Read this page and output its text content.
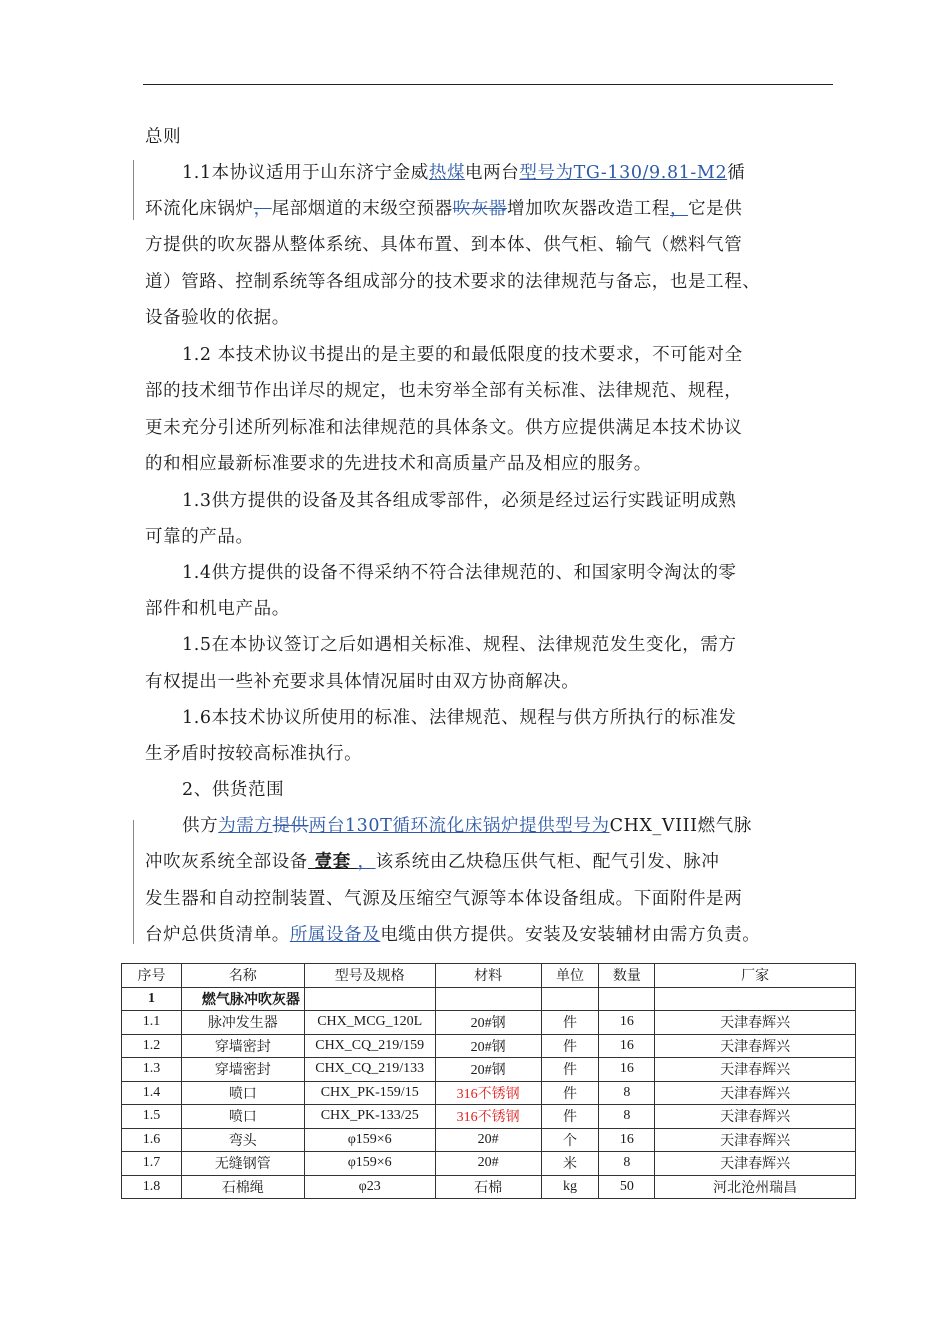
总则
1.1本协议适用于山东济宁金威热煤电两台型号为TG-130/9.81-M2循
环流化床锅炉，尾部烟道的末级空预器吹灰器增加吹灰器改造工程，它是供
方提供的吹灰器从整体系统、具体布置、到本体、供气柜、输气（燃料气管
道）管路、控制系统等各组成部分的技术要求的法律规范与备忘，也是工程、
设备验收的依据。
1.2 本技术协议书提出的是主要的和最低限度的技术要求，不可能对全
部的技术细节作出详尽的规定，也未穷举全部有关标准、法律规范、规程，
更未充分引述所列标准和法律规范的具体条文。供方应提供满足本技术协议
的和相应最新标准要求的先进技术和高质量产品及相应的服务。
1.3供方提供的设备及其各组成零部件，必须是经过运行实践证明成熟
可靠的产品。
1.4供方提供的设备不得采纳不符合法律规范的、和国家明令淘汰的零
部件和机电产品。
1.5在本协议签订之后如遇相关标准、规程、法律规范发生变化，需方
有权提出一些补充要求具体情况届时由双方协商解决。
1.6本技术协议所使用的标准、法律规范、规程与供方所执行的标准发
生矛盾时按较高标准执行。
2、供货范围
供方为需方提供两台130T循环流化床锅炉提供型号为CHX_VIII燃气脉
冲吹灰系统全部设备 壹套 ，该系统由乙炔稳压供气柜、配气引发、脉冲
发生器和自动控制装置、气源及压缩空气源等本体设备组成。下面附件是两
台炉总供货清单。所属设备及电缆由供方提供。安装及安装辅材由需方负责。
序号	名称	型号及规格	材料	单位	数量	厂家
1	燃气脉冲吹灰器					
1.1	脉冲发生器	CHX_MCG_120L	20#钢	件	16	天津春辉兴
1.2	穿墙密封	CHX_CQ_219/159	20#钢	件	16	天津春辉兴
1.3	穿墙密封	CHX_CQ_219/133	20#钢	件	16	天津春辉兴
1.4	喷口	CHX_PK-159/15	316不锈钢	件	8	天津春辉兴
1.5	喷口	CHX_PK-133/25	316不锈钢	件	8	天津春辉兴
1.6	弯头	φ159×6	20#	个	16	天津春辉兴
1.7	无缝钢管	φ159×6	20#	米	8	天津春辉兴
1.8	石棉绳	φ23	石棉	kg	50	河北沧州瑞昌
